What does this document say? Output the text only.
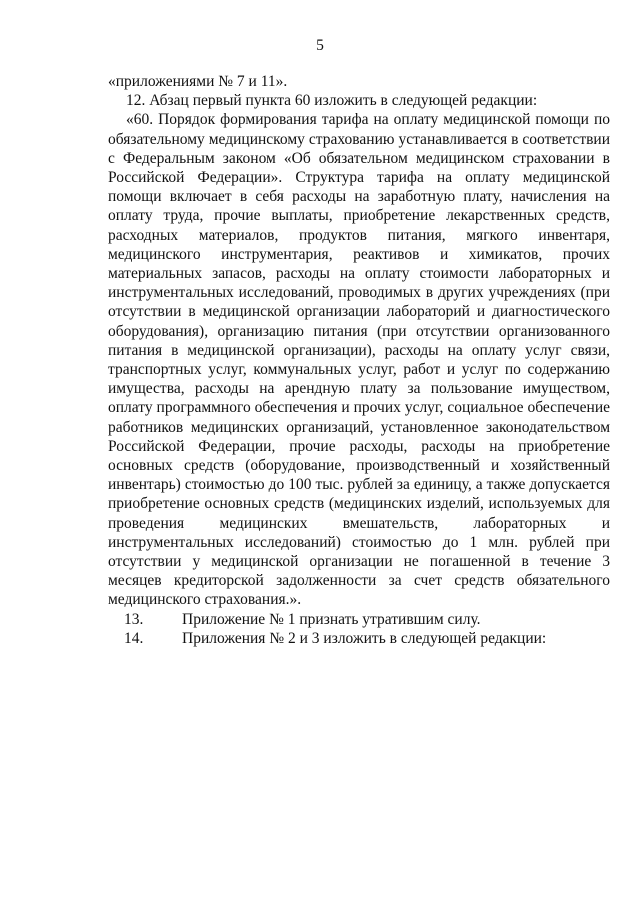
5

«приложениями № 7 и 11».

12. Абзац первый пункта 60 изложить в следующей редакции:

«60. Порядок формирования тарифа на оплату медицинской помощи по обязательному медицинскому страхованию устанавливается в соответствии с Федеральным законом «Об обязательном медицинском страховании в Российской Федерации». Структура тарифа на оплату медицинской помощи включает в себя расходы на заработную плату, начисления на оплату труда, прочие выплаты, приобретение лекарственных средств, расходных материалов, продуктов питания, мягкого инвентаря, медицинского инструментария, реактивов и химикатов, прочих материальных запасов, расходы на оплату стоимости лабораторных и инструментальных исследований, проводимых в других учреждениях (при отсутствии в медицинской организации лабораторий и диагностического оборудования), организацию питания (при отсутствии организованного питания в медицинской организации), расходы на оплату услуг связи, транспортных услуг, коммунальных услуг, работ и услуг по содержанию имущества, расходы на арендную плату за пользование имуществом, оплату программного обеспечения и прочих услуг, социальное обеспечение работников медицинских организаций, установленное законодательством Российской Федерации, прочие расходы, расходы на приобретение основных средств (оборудование, производственный и хозяйственный инвентарь) стоимостью до 100 тыс. рублей за единицу, а также допускается приобретение основных средств (медицинских изделий, используемых для проведения медицинских вмешательств, лабораторных и инструментальных исследований) стоимостью до 1 млн. рублей при отсутствии у медицинской организации не погашенной в течение 3 месяцев кредиторской задолженности за счет средств обязательного медицинского страхования.».

13.	Приложение № 1 признать утратившим силу.
14.	Приложения № 2 и 3 изложить в следующей редакции:
